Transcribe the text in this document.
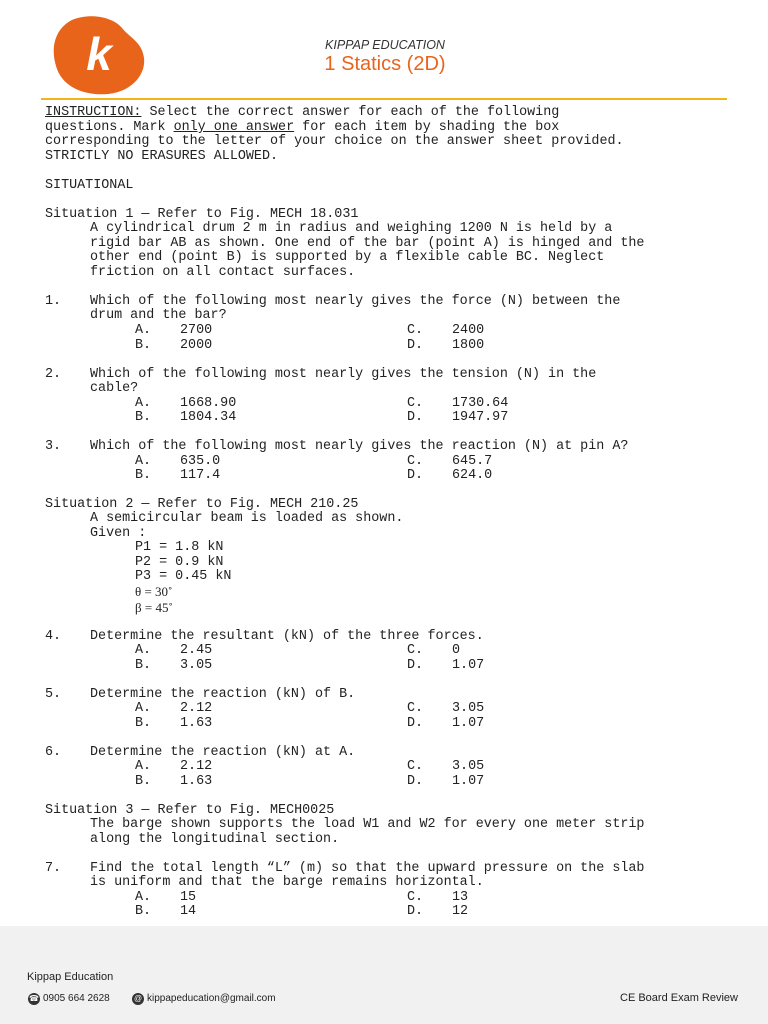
k	KIPPAP EDUCATION
1 Statics (2D)
INSTRUCTION: Select the correct answer for each of the following
questions. Mark only one answer for each item by shading the box
corresponding to the letter of your choice on the answer sheet provided.
STRICTLY NO ERASURES ALLOWED.
SITUATIONAL
Situation 1 — Refer to Fig. MECH 18.031
A cylindrical drum 2 m in radius and weighing 1200 N is held by a
rigid bar AB as shown. One end of the bar (point A) is hinged and the
other end (point B) is supported by a flexible cable BC. Neglect
friction on all contact surfaces.
1. Which of the following most nearly gives the force (N) between the
drum and the bar?
A. 2700	C. 2400
B. 2000	D. 1800
2. Which of the following most nearly gives the tension (N) in the
cable?
A. 1668.90	C. 1730.64
B. 1804.34	D. 1947.97
3. Which of the following most nearly gives the reaction (N) at pin A?
A. 635.0	C. 645.7
B. 117.4	D. 624.0
Situation 2 — Refer to Fig. MECH 210.25
A semicircular beam is loaded as shown.
Given :
P1 = 1.8 kN
P2 = 0.9 kN
P3 = 0.45 kN
θ = 30˚
β = 45˚
4. Determine the resultant (kN) of the three forces.
A. 2.45	C. 0
B. 3.05	D. 1.07
5. Determine the reaction (kN) of B.
A. 2.12	C. 3.05
B. 1.63	D. 1.07
6. Determine the reaction (kN) at A.
A. 2.12	C. 3.05
B. 1.63	D. 1.07
Situation 3 — Refer to Fig. MECH0025
The barge shown supports the load W1 and W2 for every one meter strip
along the longitudinal section.
7. Find the total length “L” (m) so that the upward pressure on the slab
is uniform and that the barge remains horizontal.
A. 15	C. 13
B. 14	D. 12
Kippap Education
☎ 0905 664 2628	@ kippapeducation@gmail.com	CE Board Exam Review
